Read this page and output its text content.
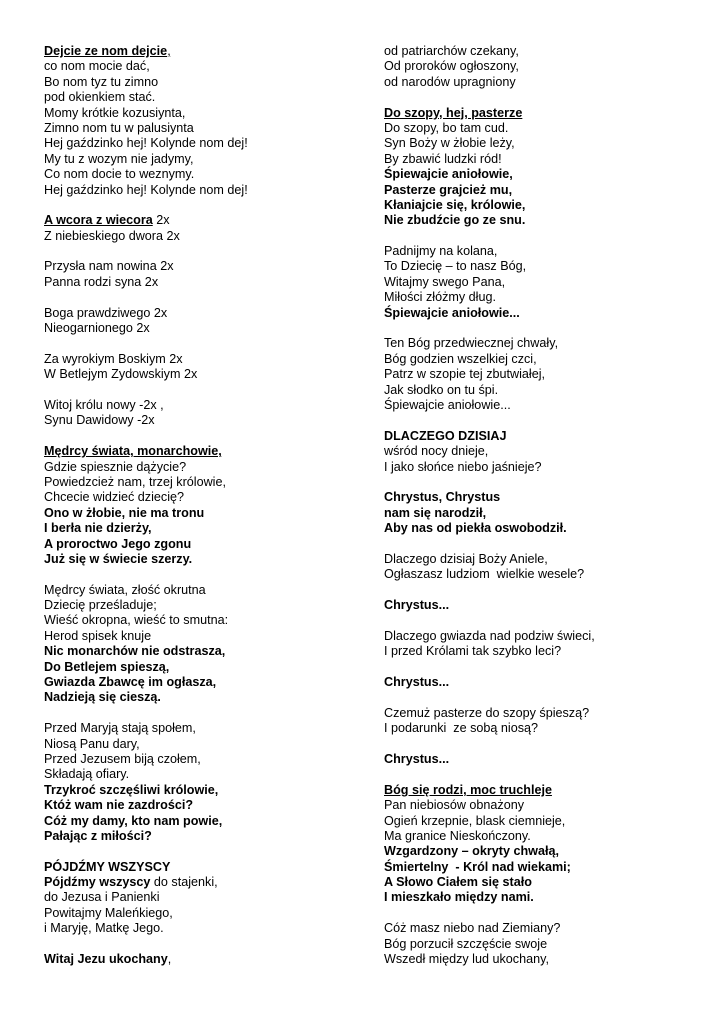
Dejcie ze nom dejcie,
co nom mocie dać,
Bo nom tyz tu zimno
pod okienkiem stać.
Momy krótkie kozusiynta,
Zimno nom tu w palusiynta
Hej gaździnko hej! Kolynde nom dej!
My tu z wozym nie jadymy,
Co nom docie to weznymy.
Hej gaździnko hej! Kolynde nom dej!
A wcora z wiecora 2x
Z niebieskiego dwora 2x
Przysła nam nowina 2x
Panna rodzi syna 2x
Boga prawdziwego 2x
Nieogarnionego 2x
Za wyrokiym Boskiym 2x
W Betlejym Zydowskiym 2x
Witoj królu nowy -2x ,
Synu Dawidowy -2x
Mędrcy świata, monarchowie,
Gdzie spiesznie dążycie?
Powiedzcież nam, trzej królowie,
Chcecie widzieć dziecię?
Ono w żłobie, nie ma tronu
I berła nie dzierży,
A proroctwo Jego zgonu
Już się w świecie szerzy.
Mędrcy świata, złość okrutna
Dziecię prześladuje;
Wieść okropna, wieść to smutna:
Herod spisek knuje
Nic monarchów nie odstrasza,
Do Betlejem spieszą,
Gwiazda Zbawcę im ogłasza,
Nadzieją się cieszą.
Przed Maryją stają społem,
Niosą Panu dary,
Przed Jezusem biją czołem,
Składają ofiary.
Trzykroć szczęśliwi królowie,
Któż wam nie zazdrości?
Cóż my damy, kto nam powie,
Pałając z miłości?
PÓJDŹMY WSZYSCY
Pójdźmy wszyscy do stajenki,
do Jezusa i Panienki
Powitajmy Maleńkiego,
i Maryję, Matkę Jego.
Witaj Jezu ukochany,
od patriarchów czekany,
Od proroków ogłoszony,
od narodów upragniony
Do szopy, hej, pasterze
Do szopy, bo tam cud.
Syn Boży w żłobie leży,
By zbawić ludzki ród!
Śpiewajcie aniołowie,
Pasterze grajcież mu,
Kłaniajcie się, królowie,
Nie zbudźcie go ze snu.
Padnijmy na kolana,
To Dziecię – to nasz Bóg,
Witajmy swego Pana,
Miłości złóżmy dług.
Śpiewajcie aniołowie...
Ten Bóg przedwiecznej chwały,
Bóg godzien wszelkiej czci,
Patrz w szopie tej zbutwiałej,
Jak słodko on tu śpi.
Śpiewajcie aniołowie...
DLACZEGO DZISIAJ
wśród nocy dnieje,
I jako słońce niebo jaśnieje?
Chrystus, Chrystus
nam się narodził,
Aby nas od piekła oswobodził.
Dlaczego dzisiaj Boży Aniele,
Ogłaszasz ludziom  wielkie wesele?
Chrystus...
Dlaczego gwiazda nad podziw świeci,
I przed Królami tak szybko leci?
Chrystus...
Czemuż pasterze do szopy śpieszą?
I podarunki  ze sobą niosą?
Chrystus...
Bóg się rodzi, moc truchleje
Pan niebiosów obnażony
Ogień krzepnie, blask ciemnieje,
Ma granice Nieskończony.
Wzgardzony – okryty chwałą,
Śmiertelny  - Król nad wiekami;
A Słowo Ciałem się stało
I mieszkało między nami.
Cóż masz niebo nad Ziemiany?
Bóg porzucił szczęście swoje
Wszedł między lud ukochany,
